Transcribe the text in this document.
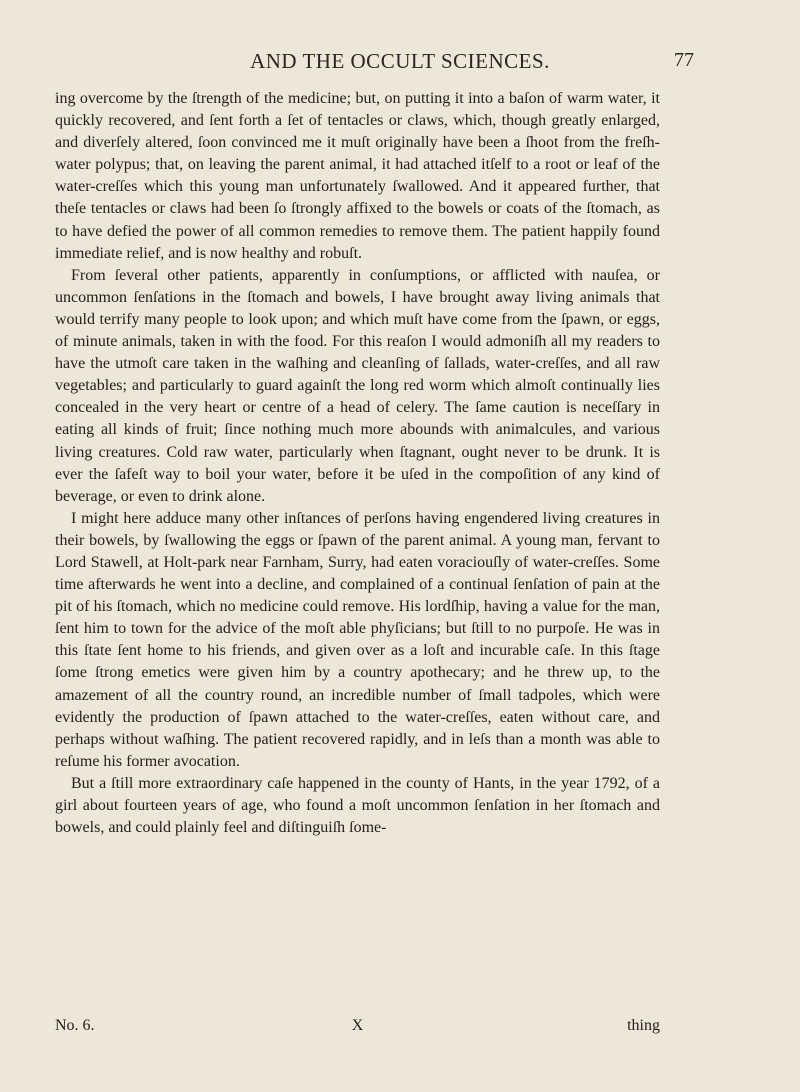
AND THE OCCULT SCIENCES.	77

ing overcome by the ſtrength of the medicine; but, on putting it into a baſon of warm water, it quickly recovered, and ſent forth a ſet of tentacles or claws, which, though greatly enlarged, and diverſely altered, ſoon convinced me it muſt originally have been a ſhoot from the freſh-water polypus; that, on leaving the parent animal, it had attached itſelf to a root or leaf of the water-creſſes which this young man unfortunately ſwallowed. And it appeared further, that theſe tentacles or claws had been ſo ſtrongly affixed to the bowels or coats of the ſtomach, as to have defied the power of all common remedies to remove them. The patient happily found immediate relief, and is now healthy and robuſt.

From ſeveral other patients, apparently in conſumptions, or afflicted with nauſea, or uncommon ſenſations in the ſtomach and bowels, I have brought away living animals that would terrify many people to look upon; and which muſt have come from the ſpawn, or eggs, of minute animals, taken in with the food. For this reaſon I would admoniſh all my readers to have the utmoſt care taken in the waſhing and cleanſing of ſallads, water-creſſes, and all raw vegetables; and particularly to guard againſt the long red worm which almoſt continually lies concealed in the very heart or centre of a head of celery. The ſame caution is neceſſary in eating all kinds of fruit; ſince nothing much more abounds with animalcules, and various living creatures. Cold raw water, particularly when ſtagnant, ought never to be drunk. It is ever the ſafeſt way to boil your water, before it be uſed in the compoſition of any kind of beverage, or even to drink alone.

I might here adduce many other inſtances of perſons having engendered living creatures in their bowels, by ſwallowing the eggs or ſpawn of the parent animal. A young man, fervant to Lord Stawell, at Holt-park near Farnham, Surry, had eaten voraciouſly of water-creſſes. Some time afterwards he went into a decline, and complained of a continual ſenſation of pain at the pit of his ſtomach, which no medicine could remove. His lordſhip, having a value for the man, ſent him to town for the advice of the moſt able phyſicians; but ſtill to no purpoſe. He was in this ſtate ſent home to his friends, and given over as a loſt and incurable caſe. In this ſtage ſome ſtrong emetics were given him by a country apothecary; and he threw up, to the amazement of all the country round, an incredible number of ſmall tadpoles, which were evidently the production of ſpawn attached to the water-creſſes, eaten without care, and perhaps without waſhing. The patient recovered rapidly, and in leſs than a month was able to reſume his former avocation.

But a ſtill more extraordinary caſe happened in the county of Hants, in the year 1792, of a girl about fourteen years of age, who found a moſt uncommon ſenſation in her ſtomach and bowels, and could plainly feel and diſtinguiſh ſome-

No. 6.	X	thing
